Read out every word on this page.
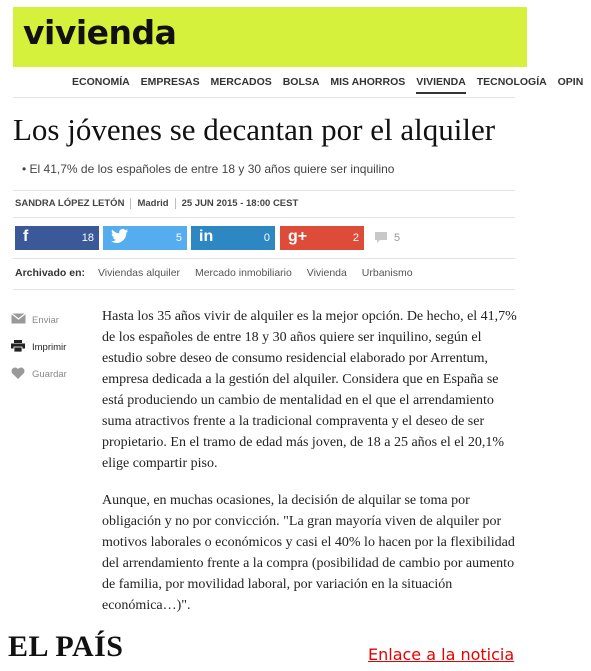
vivienda
ECONOMÍA EMPRESAS MERCADOS BOLSA MIS AHORROS VIVIENDA TECNOLOGÍA OPIN
Los jóvenes se decantan por el alquiler
• El 41,7% de los españoles de entre 18 y 30 años quiere ser inquilino
SANDRA LÓPEZ LETÓN Madrid 25 JUN 2015 - 18:00 CEST
f	18	5 in	0 g+	2	5
Archivado en: Viviendas alquiler Mercado inmobiliario Vivienda Urbanismo
Enviar
Imprimir
Guardar

Hasta los 35 años vivir de alquiler es la mejor opción. De hecho, el 41,7% de los españoles de entre 18 y 30 años quiere ser inquilino, según el estudio sobre deseo de consumo residencial elaborado por Arrentum, empresa dedicada a la gestión del alquiler. Considera que en España se está produciendo un cambio de mentalidad en el que el arrendamiento suma atractivos frente a la tradicional compraventa y el deseo de ser propietario. En el tramo de edad más joven, de 18 a 25 años el el 20,1% elige compartir piso.

Aunque, en muchas ocasiones, la decisión de alquilar se toma por obligación y no por convicción. "La gran mayoría viven de alquiler por motivos laborales o económicos y casi el 40% lo hacen por la flexibilidad del arrendamiento frente a la compra (posibilidad de cambio por aumento de familia, por movilidad laboral, por variación en la situación económica…)".

EL PAÍS	Enlace a la noticia
